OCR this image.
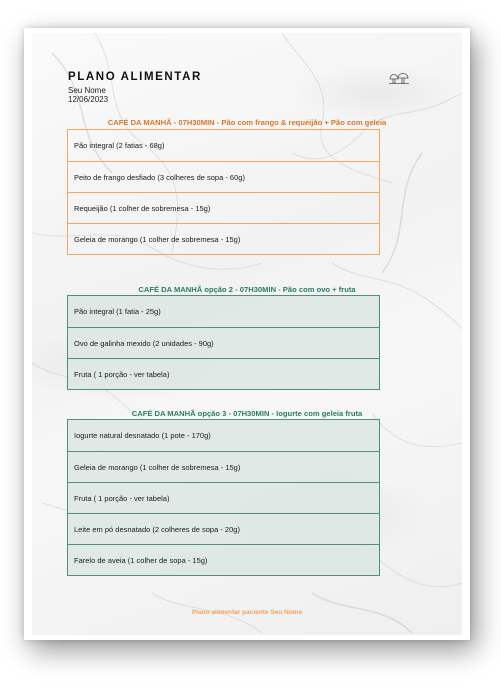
PLANO ALIMENTAR
Seu Nome
12/06/2023
CAFÉ DA MANHÃ - 07H30MIN - Pão com frango & requeijão + Pão com geleia
Pão integral (2 fatias - 68g)
Peito de frango desfiado (3 colheres de sopa - 60g)
Requeijão (1 colher de sobremesa - 15g)
Geleia de morango (1 colher de sobremesa - 15g)
CAFÉ DA MANHÃ opção 2 - 07H30MIN - Pão com ovo + fruta
Pão integral (1 fatia - 25g)
Ovo de galinha mexido (2 unidades - 90g)
Fruta ( 1 porção - ver tabela)
CAFÉ DA MANHÃ opção 3 - 07H30MIN - Iogurte com geleia fruta
Iogurte natural desnatado (1 pote - 170g)
Geleia de morango (1 colher de sobremesa - 15g)
Fruta ( 1 porção - ver tabela)
Leite em pó desnatado (2 colheres de sopa - 20g)
Farelo de aveia (1 colher de sopa - 15g)
Plano alimentar paciente Seu Nome
